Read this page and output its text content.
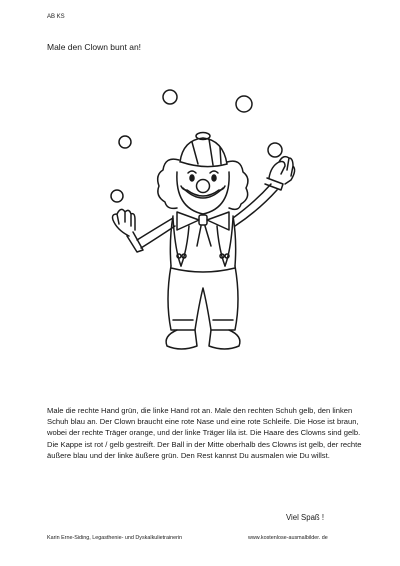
AB KS
Male den Clown bunt an!

Male die rechte Hand grün, die linke Hand rot an. Male den rechten Schuh gelb, den linken Schuh blau an. Der Clown braucht eine rote Nase und eine rote Schleife. Die Hose ist braun, wobei der rechte Träger orange, und der linke Träger lila ist. Die Haare des Clowns sind gelb. Die Kappe ist rot / gelb gestreift. Der Ball in der Mitte oberhalb des Clowns ist gelb, der rechte äußere blau und der linke äußere grün. Den Rest kannst Du ausmalen wie Du willst.

Viel Spaß !
Karin Erne-Siding, Legasthenie- und Dyskalkulietrainerin	www.kostenlose-ausmalbilder. de
